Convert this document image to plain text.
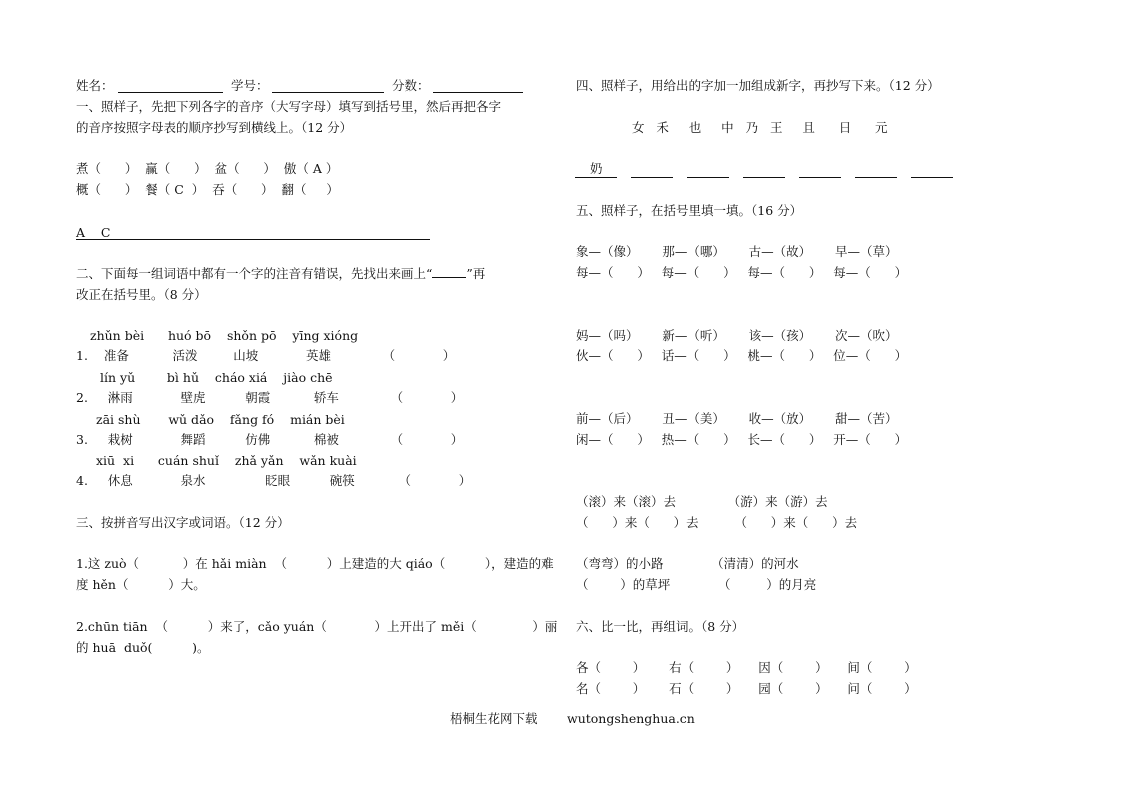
姓名：	学号：	分数：
一、照样子，先把下列各字的音序（大写字母）填写到括号里，然后再把各字
的音序按照字母表的顺序抄写到横线上。（12 分）
煮（      ）  赢（      ）  盆（      ）  傲（ A ）
概（      ）  餐（ C  ）  吞（      ）  翻（     ）
A    C
二、下面每一组词语中都有一个字的注音有错误，先找出来画上“	”再
改正在括号里。（8 分）
zhǔn bèi      huó bō    shǒn pō    yīng xióng
1.    准备           活泼         山坡            英雄             （            ）
lín yǔ        bì hǔ    cháo xiá    jiào chē
2.     淋雨            壁虎          朝霞           轿车             （            ）
zāi shù       wǔ dǎo    fǎng fó    mián bèi
3.     栽树            舞蹈          仿佛           棉被             （            ）
xiū  xi      cuán shuǐ    zhǎ yǎn    wǎn kuài
4.     休息            泉水               眨眼          碗筷           （            ）
三、按拼音写出汉字或词语。（12 分）
1.这 zuò（           ）在 hǎi miàn  （          ）上建造的大 qiáo（          ），建造的难
度 hěn（          ）大。
2.chūn tiān  （          ）来了，cǎo yuán（            ）上开出了 měi（              ）丽
的 huā  duǒ(          )。
四、照样子，用给出的字加一加组成新字，再抄写下来。（12 分）
女   禾     也     中   乃   王     且      日      元
奶
五、照样子，在括号里填一填。（16 分）
象—（像）      那—（哪）      古—（故）      早—（草）
每—（      ）   每—（      ）   每—（      ）   每—（      ）
妈—（吗）      新—（听）      该—（孩）      次—（吹）
伙—（      ）   话—（      ）   桃—（      ）   位—（      ）
前—（后）      丑—（美）      收—（放）      甜—（苦）
闲—（      ）   热—（      ）   长—（      ）   开—（      ）
（滚）来（滚）去             （游）来（游）去
（      ）来（      ）去         （      ）来（      ）去
（弯弯）的小路            （清清）的河水
（        ）的草坪            （         ）的月亮
六、比一比，再组词。（8 分）
各（        ）      右（        ）     因（        ）     间（        ）
名（        ）      石（        ）     园（        ）     问（        ）
梧桐生花网下载 wutongshenghua.cn
